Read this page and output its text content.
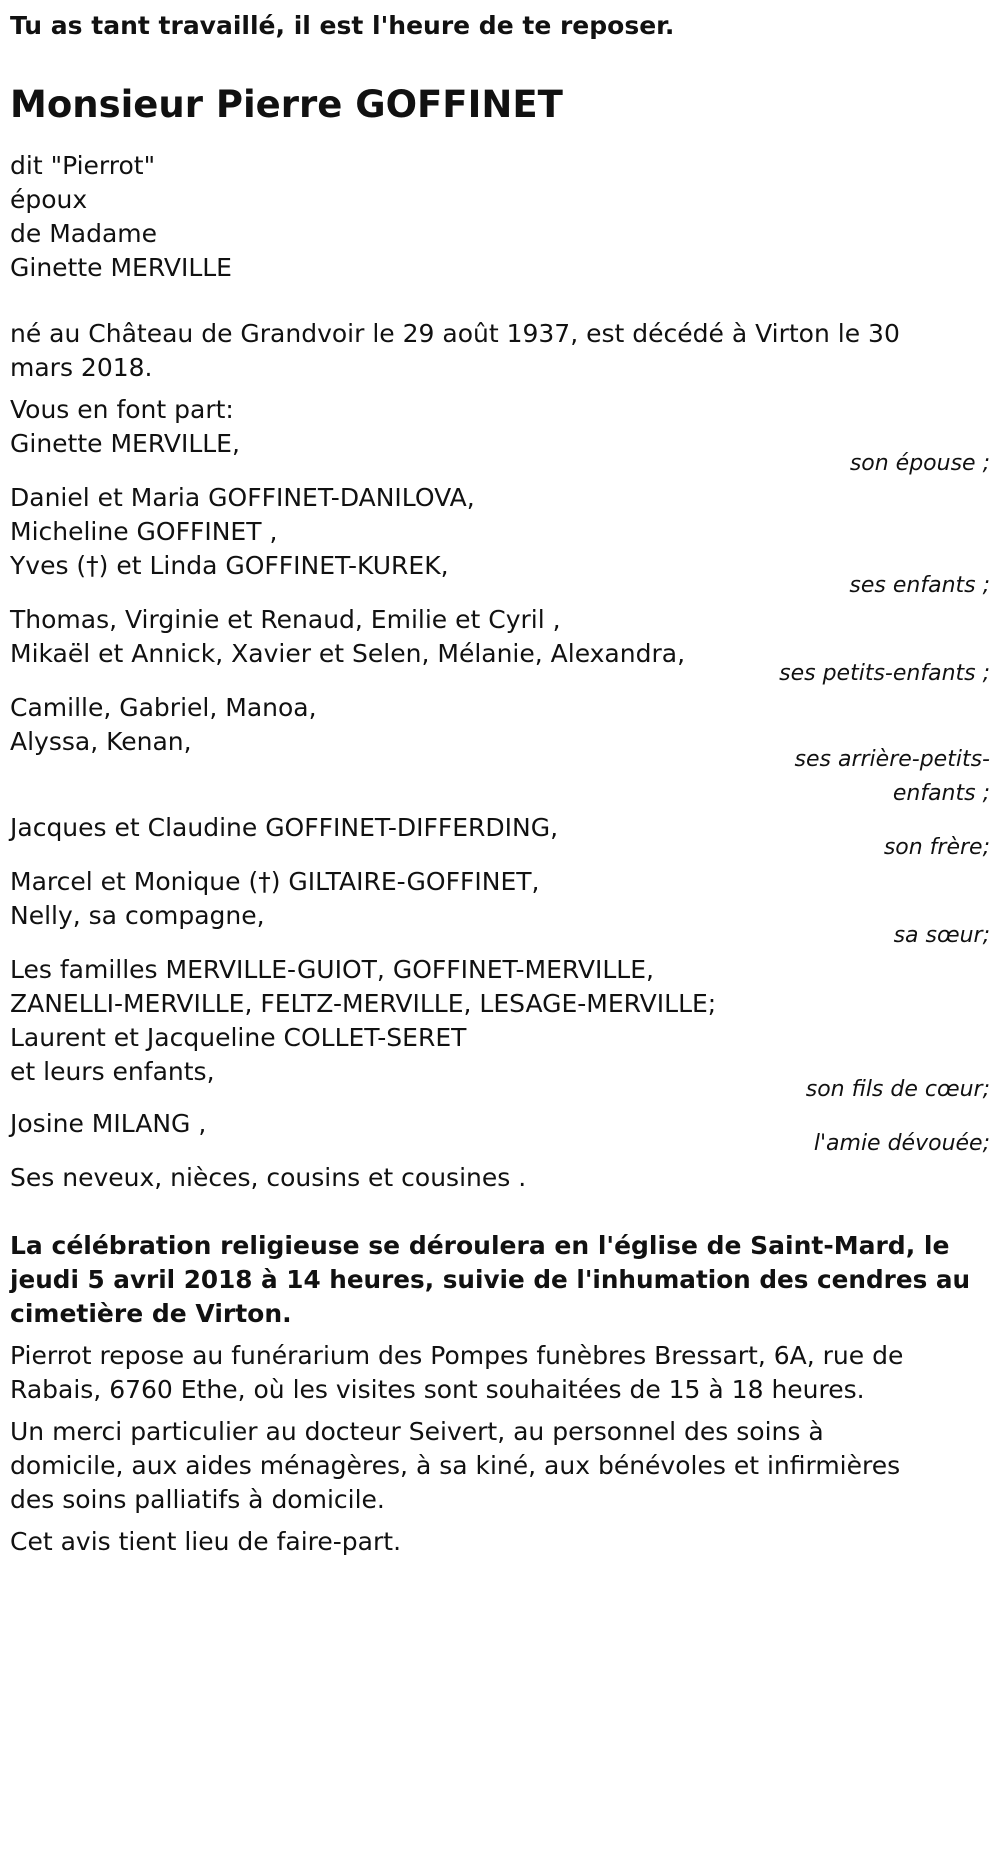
Tu as tant travaillé, il est l'heure de te reposer.

Monsieur Pierre GOFFINET

dit "Pierrot"

époux

de Madame

Ginette MERVILLE

né au Château de Grandvoir le 29 août 1937, est décédé à Virton le 30

mars 2018.

Vous en font part:

Ginette MERVILLE,

son épouse ;

Daniel et Maria GOFFINET-DANILOVA,

Micheline GOFFINET ,

Yves (†) et Linda GOFFINET-KUREK,

ses enfants ;

Thomas, Virginie et Renaud, Emilie et Cyril ,

Mikaël et Annick, Xavier et Selen, Mélanie, Alexandra,

ses petits-enfants ;

Camille, Gabriel, Manoa,

Alyssa, Kenan,

ses arrière-petits-

enfants ;

Jacques et Claudine GOFFINET-DIFFERDING,

son frère;

Marcel et Monique (†) GILTAIRE-GOFFINET,

Nelly, sa compagne,

sa sœur;

Les familles MERVILLE-GUIOT, GOFFINET-MERVILLE,

ZANELLI-MERVILLE, FELTZ-MERVILLE, LESAGE-MERVILLE;

Laurent et Jacqueline COLLET-SERET

et leurs enfants,

son fils de cœur;

Josine MILANG ,

l'amie dévouée;

Ses neveux, nièces, cousins et cousines .

La célébration religieuse se déroulera en l'église de Saint-Mard, le

jeudi 5 avril 2018 à 14 heures, suivie de l'inhumation des cendres au

cimetière de Virton.

Pierrot repose au funérarium des Pompes funèbres Bressart, 6A, rue de

Rabais, 6760 Ethe, où les visites sont souhaitées de 15 à 18 heures.

Un merci particulier au docteur Seivert, au personnel des soins à

domicile, aux aides ménagères, à sa kiné, aux bénévoles et infirmières

des soins palliatifs à domicile.

Cet avis tient lieu de faire-part.
